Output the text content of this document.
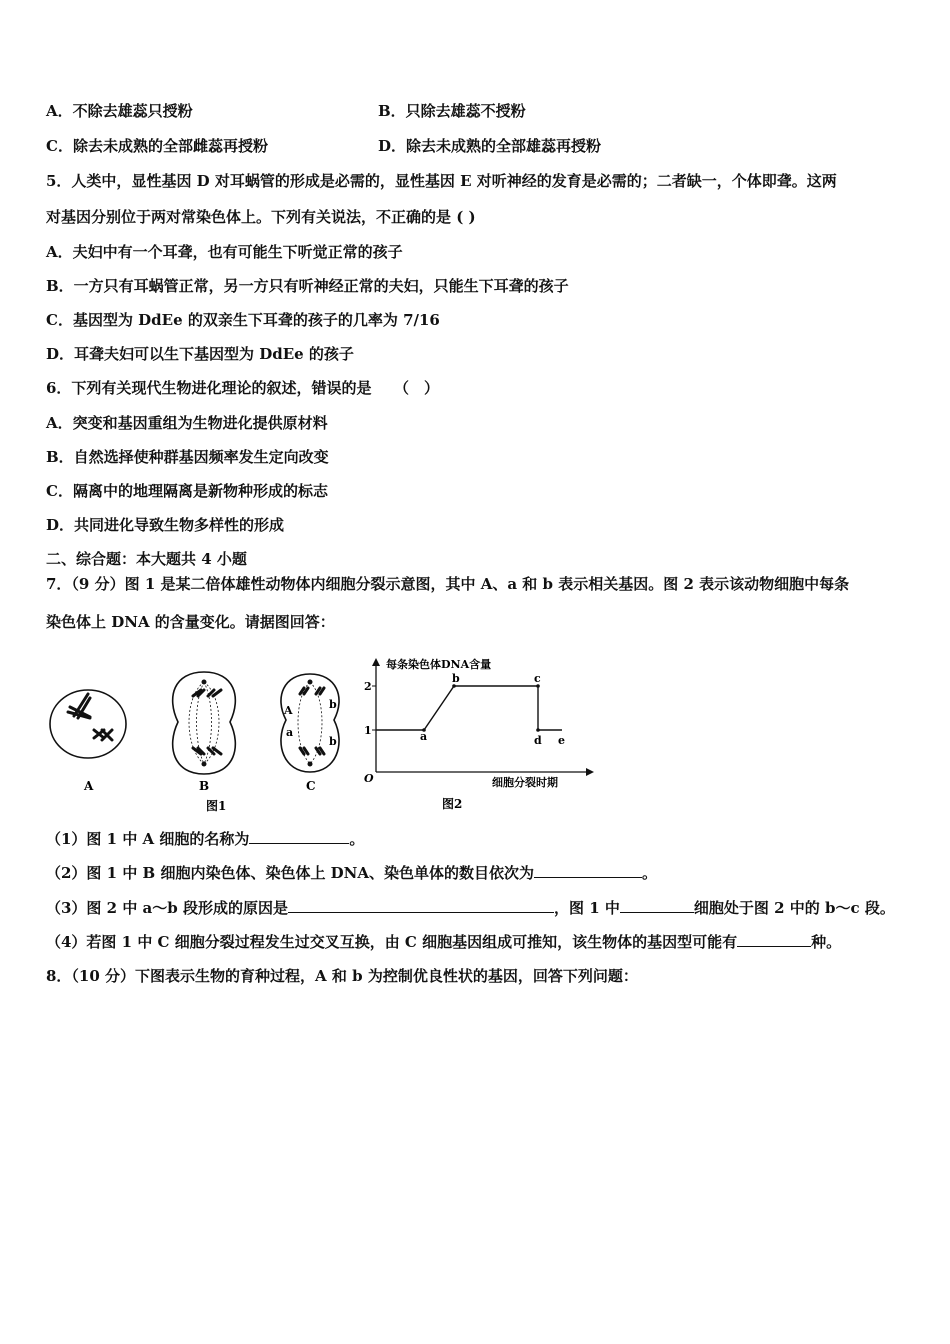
A．不除去雄蕊只授粉	B．只除去雄蕊不授粉
C．除去未成熟的全部雌蕊再授粉	D．除去未成熟的全部雄蕊再授粉
5．人类中，显性基因 D 对耳蜗管的形成是必需的，显性基因 E 对听神经的发育是必需的；二者缺一，个体即聋。这两
对基因分别位于两对常染色体上。下列有关说法，不正确的是 ( )
A．夫妇中有一个耳聋，也有可能生下听觉正常的孩子
B．一方只有耳蜗管正常，另一方只有听神经正常的夫妇，只能生下耳聋的孩子
C．基因型为 DdEe 的双亲生下耳聋的孩子的几率为 7/16
D．耳聋夫妇可以生下基因型为 DdEe 的孩子
6．下列有关现代生物进化理论的叙述，错误的是　　（　）
A．突变和基因重组为生物进化提供原材料
B．自然选择使种群基因频率发生定向改变
C．隔离中的地理隔离是新物种形成的标志
D．共同进化导致生物多样性的形成
二、综合题：本大题共 4 小题
7．（9 分）图 1 是某二倍体雄性动物体内细胞分裂示意图，其中 A、a 和 b 表示相关基因。图 2 表示该动物细胞中每条
染色体上 DNA 的含量变化。请据图回答：
A	B
A
a
b
b
C
图1
每条染色体DNA含量
细胞分裂时期
O
1
2
a
b	c
d e
图2
（1）图 1 中 A 细胞的名称为	。
（2）图 1 中 B 细胞内染色体、染色体上 DNA、染色单体的数目依次为	。
（3）图 2 中 a～b 段形成的原因是	，图 1 中	细胞处于图 2 中的 b～c 段。
（4）若图 1 中 C 细胞分裂过程发生过交叉互换，由 C 细胞基因组成可推知，该生物体的基因型可能有	种。
8．（10 分）下图表示生物的育种过程，A 和 b 为控制优良性状的基因，回答下列问题：
